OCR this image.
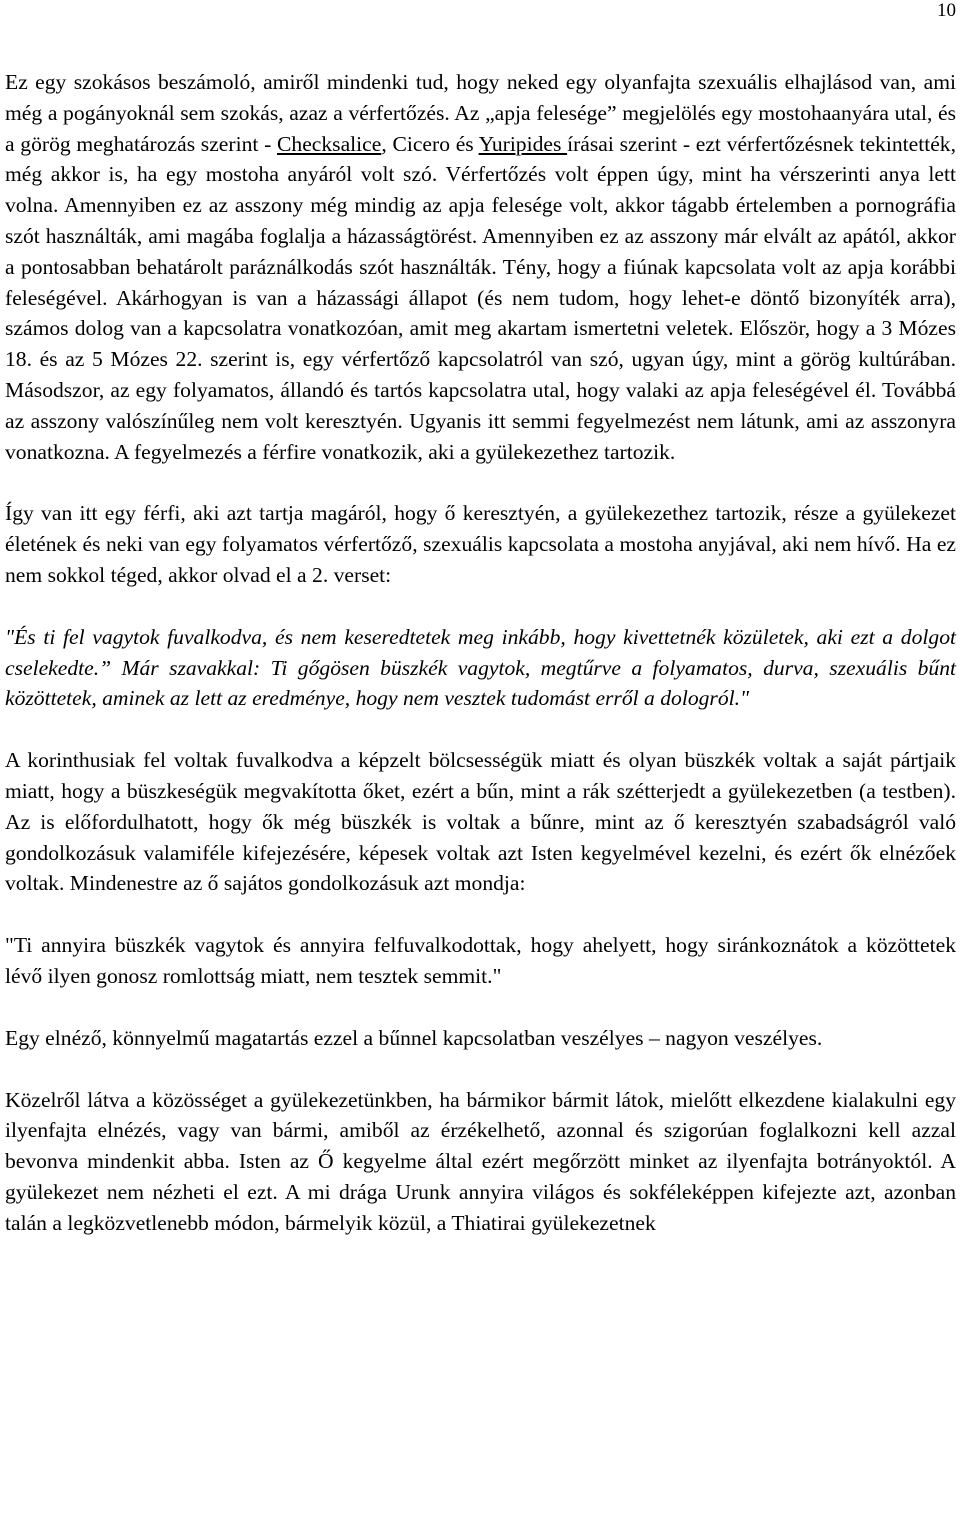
10

Ez egy szokásos beszámoló, amiről mindenki tud, hogy neked egy olyanfajta szexuális elhajlásod van, ami még a pogányoknál sem szokás, azaz a vérfertőzés. Az „apja felesége” megjelölés egy mostohaanyára utal, és a görög meghatározás szerint - Checksalice, Cicero és Yuripides írásai szerint - ezt vérfertőzésnek tekintették, még akkor is, ha egy mostoha anyáról volt szó. Vérfertőzés volt éppen úgy, mint ha vérszerinti anya lett volna. Amennyiben ez az asszony még mindig az apja felesége volt, akkor tágabb értelemben a pornográfia szót használták, ami magába foglalja a házasságtörést. Amennyiben ez az asszony már elvált az apától, akkor a pontosabban behatárolt paráználkodás szót használták. Tény, hogy a fiúnak kapcsolata volt az apja korábbi feleségével. Akárhogyan is van a házassági állapot (és nem tudom, hogy lehet-e döntő bizonyíték arra), számos dolog van a kapcsolatra vonatkozóan, amit meg akartam ismertetni veletek. Először, hogy a 3 Mózes 18. és az 5 Mózes 22. szerint is, egy vérfertőző kapcsolatról van szó, ugyan úgy, mint a görög kultúrában. Másodszor, az egy folyamatos, állandó és tartós kapcsolatra utal, hogy valaki az apja feleségével él. Továbbá az asszony valószínűleg nem volt keresztyén. Ugyanis itt semmi fegyelmezést nem látunk, ami az asszonyra vonatkozna. A fegyelmezés a férfire vonatkozik, aki a gyülekezethez tartozik.

Így van itt egy férfi, aki azt tartja magáról, hogy ő keresztyén, a gyülekezethez tartozik, része a gyülekezet életének és neki van egy folyamatos vérfertőző, szexuális kapcsolata a mostoha anyjával, aki nem hívő. Ha ez nem sokkol téged, akkor olvad el a 2. verset:

"És ti fel vagytok fuvalkodva, és nem keseredtetek meg inkább, hogy kivettetnék közületek, aki ezt a dolgot cselekedte.” Már szavakkal: Ti gőgösen büszkék vagytok, megtűrve a folyamatos, durva, szexuális bűnt közöttetek, aminek az lett az eredménye, hogy nem vesztek tudomást erről a dologról."

A korinthusiak fel voltak fuvalkodva a képzelt bölcsességük miatt és olyan büszkék voltak a saját pártjaik miatt, hogy a büszkeségük megvakította őket, ezért a bűn, mint a rák szétterjedt a gyülekezetben (a testben). Az is előfordulhatott, hogy ők még büszkék is voltak a bűnre, mint az ő keresztyén szabadságról való gondolkozásuk valamiféle kifejezésére, képesek voltak azt Isten kegyelmével kezelni, és ezért ők elnézőek voltak. Mindenestre az ő sajátos gondolkozásuk azt mondja:

"Ti annyira büszkék vagytok és annyira felfuvalkodottak, hogy ahelyett, hogy siránkoznátok a közöttetek lévő ilyen gonosz romlottság miatt, nem tesztek semmit."

Egy elnéző, könnyelmű magatartás ezzel a bűnnel kapcsolatban veszélyes – nagyon veszélyes.

Közelről látva a közösséget a gyülekezetünkben, ha bármikor bármit látok, mielőtt elkezdene kialakulni egy ilyenfajta elnézés, vagy van bármi, amiből az érzékelhető, azonnal és szigorúan foglalkozni kell azzal bevonva mindenkit abba. Isten az Ő kegyelme által ezért megőrzött minket az ilyenfajta botrányoktól. A gyülekezet nem nézheti el ezt. A mi drága Urunk annyira világos és sokféleképpen kifejezte azt, azonban talán a legközvetlenebb módon, bármelyik közül, a Thiatirai gyülekezetnek
